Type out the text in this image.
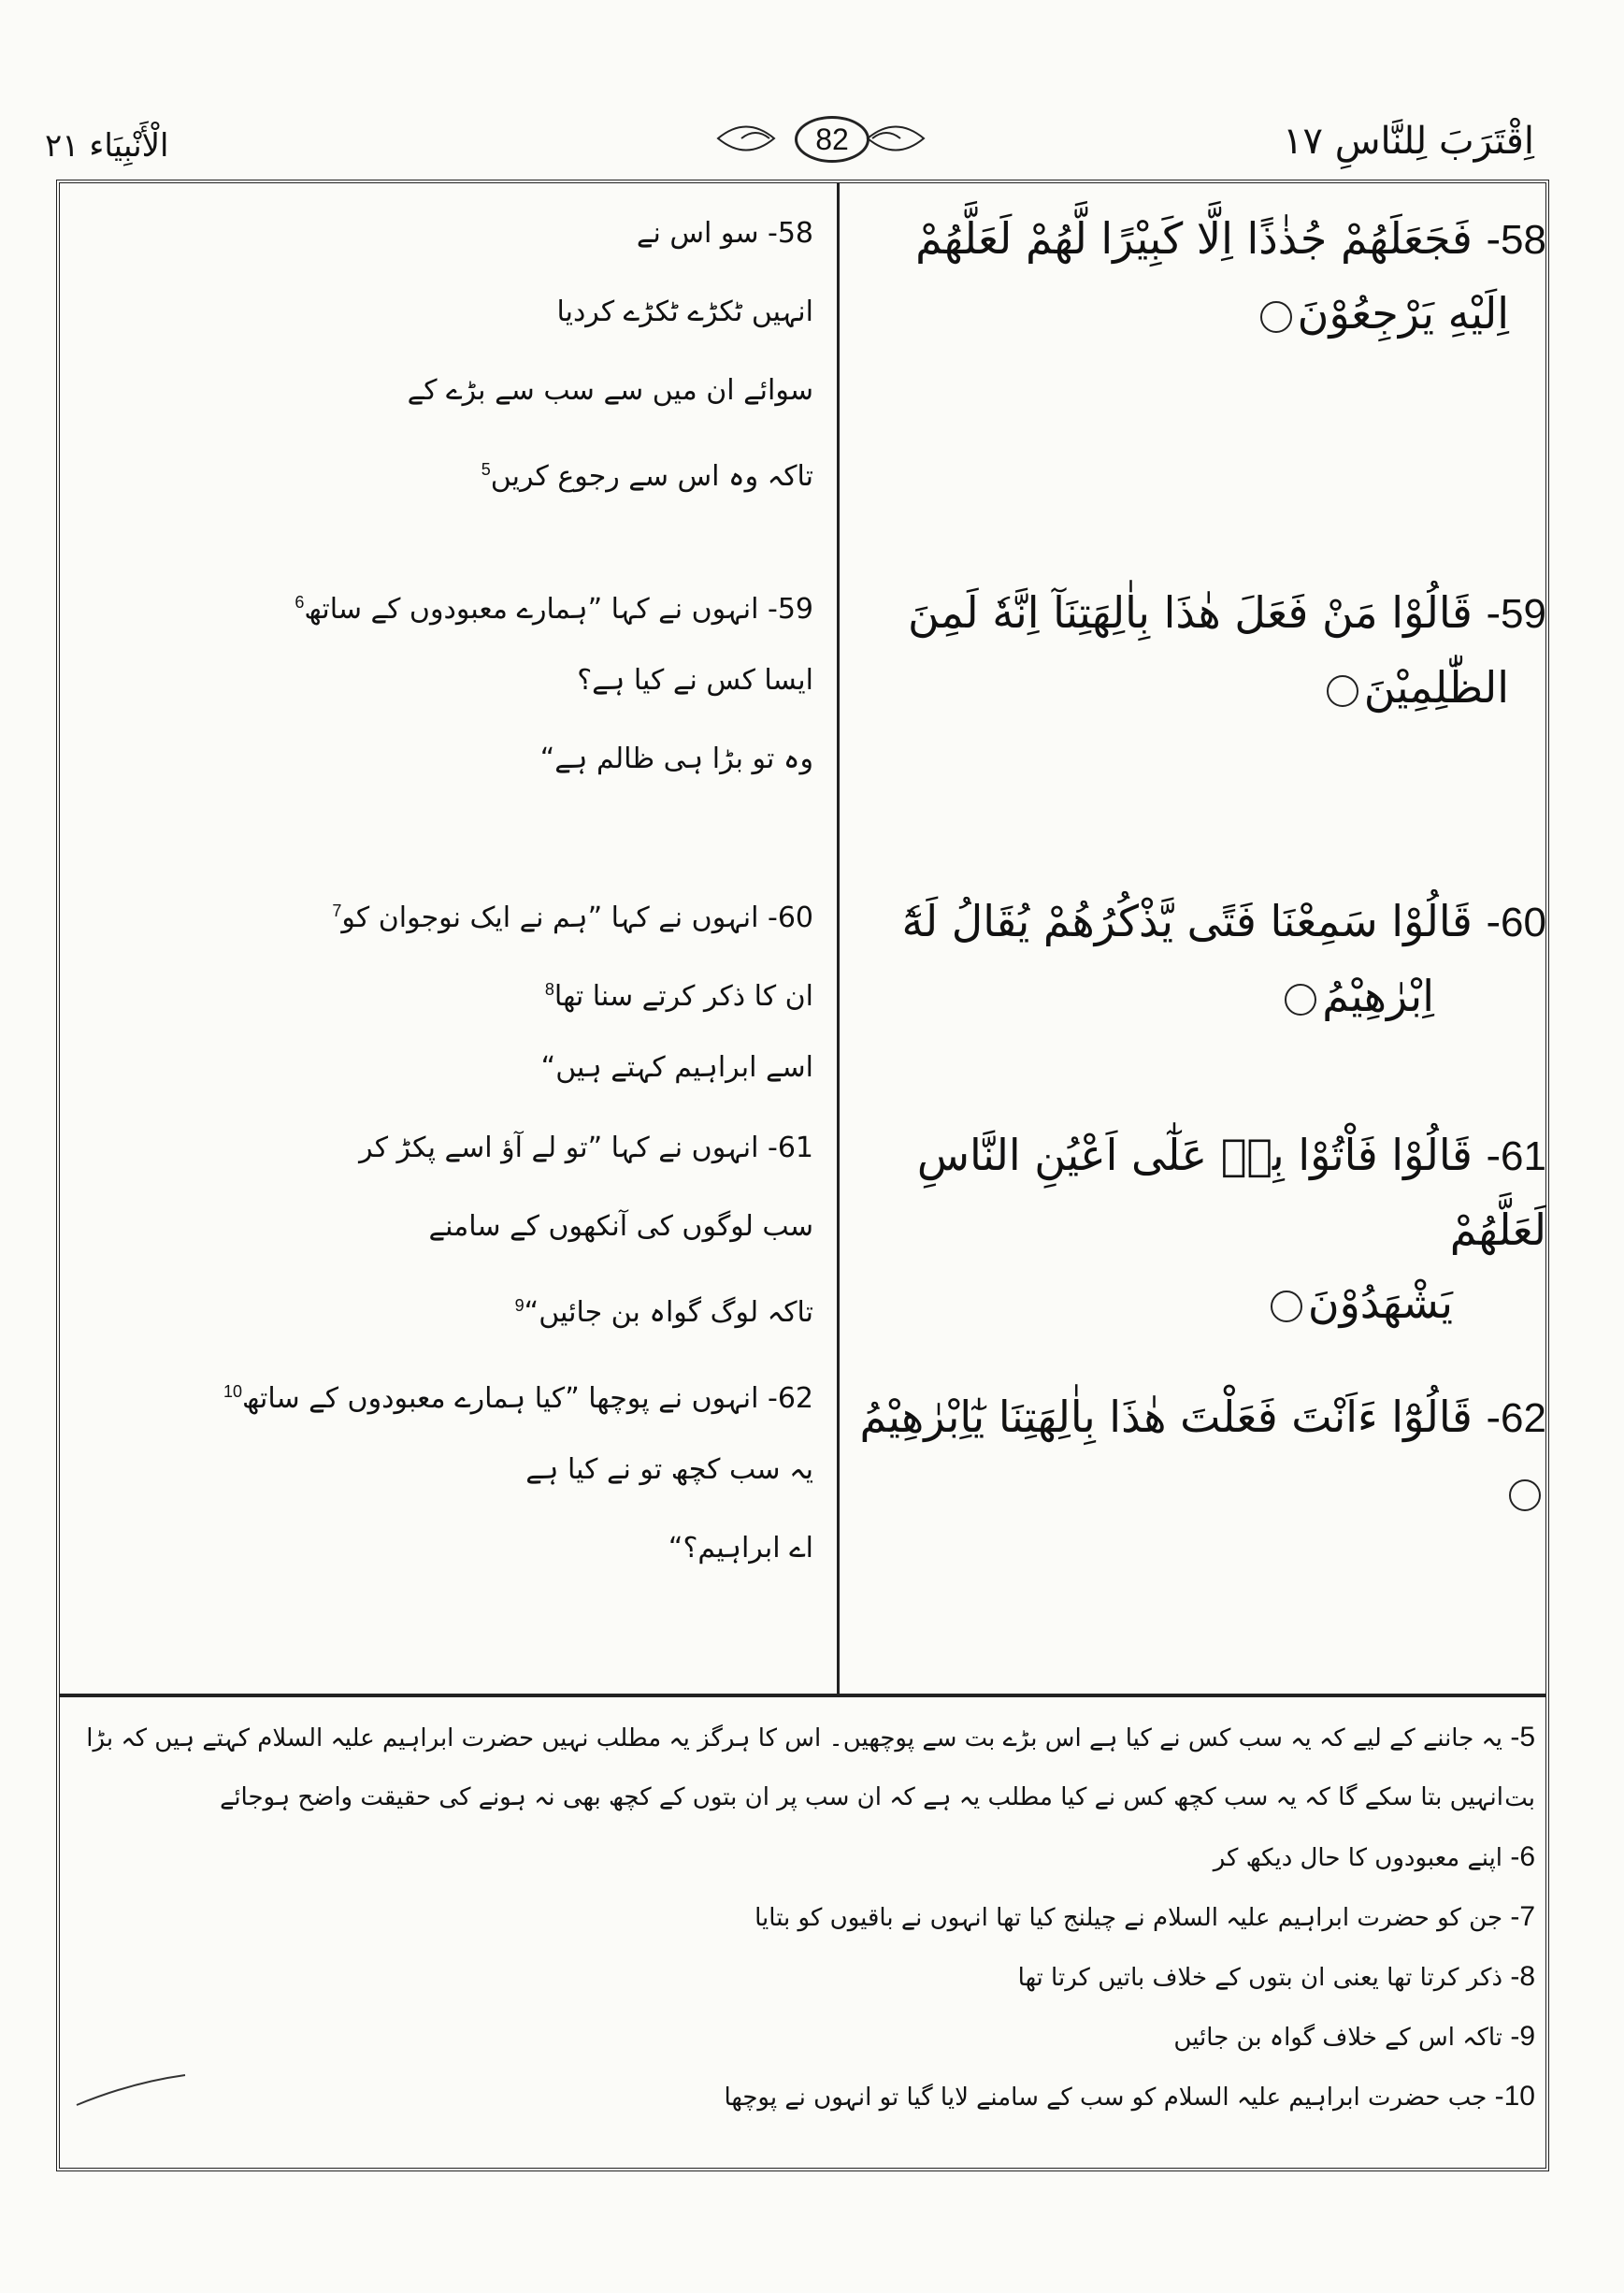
الْأَنْبِيَاء ٢١	82	اِقْتَرَبَ لِلنَّاسِ ١٧
58- فَجَعَلَهُمْ جُذٰذًا اِلَّا كَبِيْرًا لَّهُمْ لَعَلَّهُمْ
اِلَيْهِ يَرْجِعُوْنَ
58- سو اس نے
انہیں ٹکڑے ٹکڑے کردیا
سوائے ان میں سے سب سے بڑے کے
تاکہ وہ اس سے رجوع کریں$^5$
59- قَالُوْا مَنْ فَعَلَ هٰذَا بِاٰلِهَتِنَآ اِنَّهٗ لَمِنَ
الظّٰلِمِيْنَ
59- انہوں نے کہا ”ہمارے معبودوں کے ساتھ$^6$
ایسا کس نے کیا ہے؟
وہ تو بڑا ہی ظالم ہے“
60- قَالُوْا سَمِعْنَا فَتًى يَّذْكُرُهُمْ يُقَالُ لَهٗٓ
اِبْرٰهِيْمُ
60- انہوں نے کہا ”ہم نے ایک نوجوان کو$^7$
ان کا ذکر کرتے سنا تھا$^8$
اسے ابراہیم کہتے ہیں“
61- قَالُوْا فَاْتُوْا بِهٖ عَلٰٓى اَعْيُنِ النَّاسِ لَعَلَّهُمْ
يَشْهَدُوْنَ
61- انہوں نے کہا ”تو لے آؤ اسے پکڑ کر
سب لوگوں کی آنکھوں کے سامنے
تاکہ لوگ گواہ بن جائیں“$^9$
62- قَالُوْٓا ءَاَنْتَ فَعَلْتَ هٰذَا بِاٰلِهَتِنَا يٰٓاِبْرٰهِيْمُ
62- انہوں نے پوچھا ”کیا ہمارے معبودوں کے ساتھ$^{10}$
یہ سب کچھ تو نے کیا ہے
اے ابراہیم؟“
5- یہ جاننے کے لیے کہ یہ سب کس نے کیا ہے اس بڑے بت سے پوچھیں۔ اس کا ہرگز یہ مطلب نہیں حضرت ابراہیم علیہ السلام کہتے ہیں کہ بڑا بت
انہیں بتا سکے گا کہ یہ سب کچھ کس نے کیا مطلب یہ ہے کہ ان سب پر ان بتوں کے کچھ بھی نہ ہونے کی حقیقت واضح ہوجائے
6- اپنے معبودوں کا حال دیکھ کر
7- جن کو حضرت ابراہیم علیہ السلام نے چیلنج کیا تھا انہوں نے باقیوں کو بتایا
8- ذکر کرتا تھا یعنی ان بتوں کے خلاف باتیں کرتا تھا
9- تاکہ اس کے خلاف گواہ بن جائیں
10- جب حضرت ابراہیم علیہ السلام کو سب کے سامنے لایا گیا تو انہوں نے پوچھا
